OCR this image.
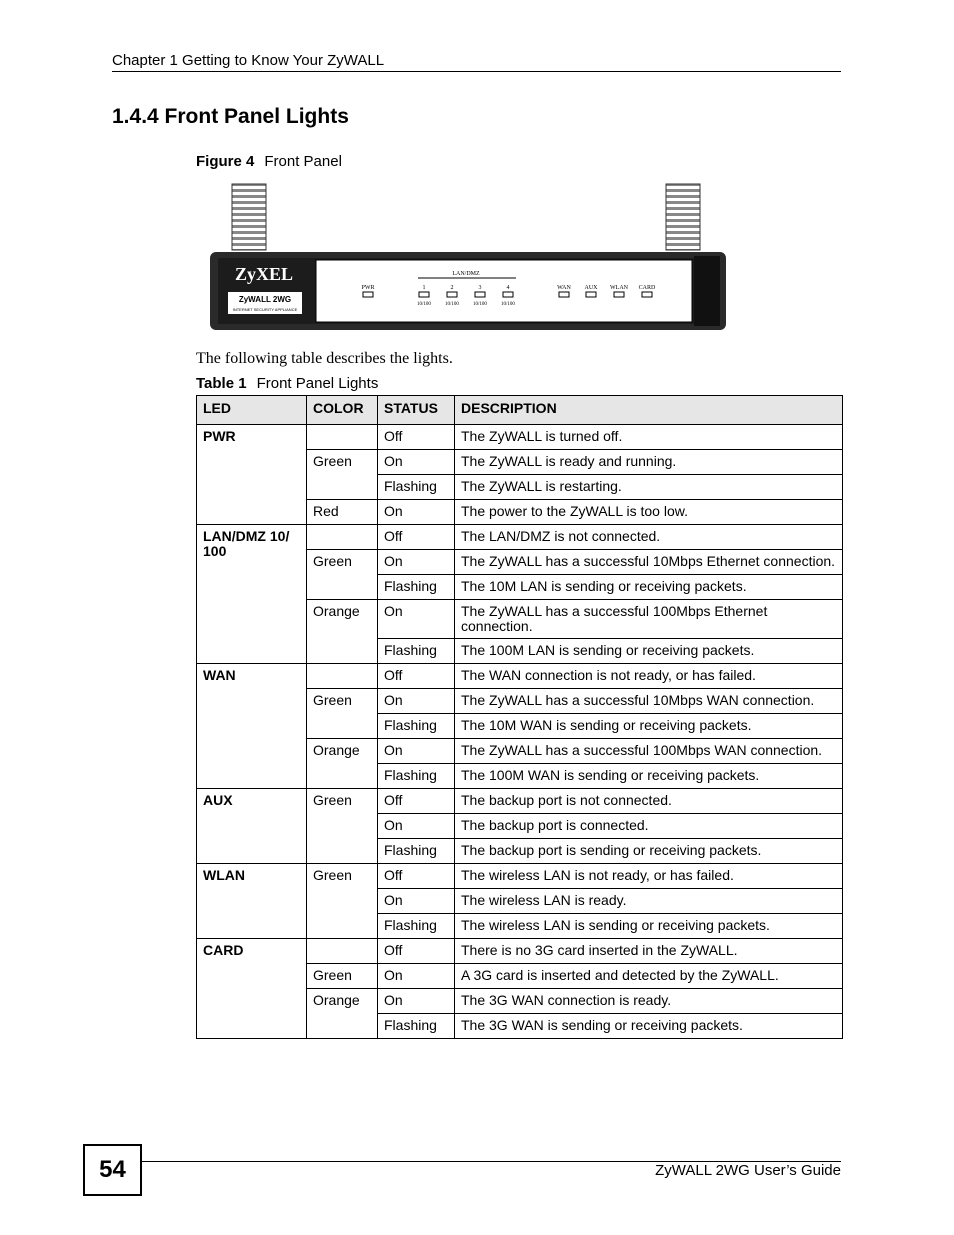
Chapter 1 Getting to Know Your ZyWALL
1.4.4 Front Panel Lights
Figure 4 Front Panel
ZyXEL
ZyWALL 2WG
INTERNET SECURITY APPLIANCE
LAN/DMZ
PWR	1
10/100
2
10/100
3
10/100
4
10/100
WAN AUX WLAN CARD
The following table describes the lights.
Table 1 Front Panel Lights
LED	COLOR	STATUS	DESCRIPTION
PWR		Off	The ZyWALL is turned off.
	Green	On	The ZyWALL is ready and running.
		Flashing	The ZyWALL is restarting.
	Red	On	The power to the ZyWALL is too low.
LAN/DMZ 10/ 100		Off	The LAN/DMZ is not connected.
	Green	On	The ZyWALL has a successful 10Mbps Ethernet connection.
		Flashing	The 10M LAN is sending or receiving packets.
	Orange	On	The ZyWALL has a successful 100Mbps Ethernet connection.
		Flashing	The 100M LAN is sending or receiving packets.
WAN		Off	The WAN connection is not ready, or has failed.
	Green	On	The ZyWALL has a successful 10Mbps WAN connection.
		Flashing	The 10M WAN is sending or receiving packets.
	Orange	On	The ZyWALL has a successful 100Mbps WAN connection.
		Flashing	The 100M WAN is sending or receiving packets.
AUX	Green	Off	The backup port is not connected.
		On	The backup port is connected.
		Flashing	The backup port is sending or receiving packets.
WLAN	Green	Off	The wireless LAN is not ready, or has failed.
		On	The wireless LAN is ready.
		Flashing	The wireless LAN is sending or receiving packets.
CARD		Off	There is no 3G card inserted in the ZyWALL.
	Green	On	A 3G card is inserted and detected by the ZyWALL.
	Orange	On	The 3G WAN connection is ready.
		Flashing	The 3G WAN is sending or receiving packets.
54	ZyWALL 2WG User’s Guide
